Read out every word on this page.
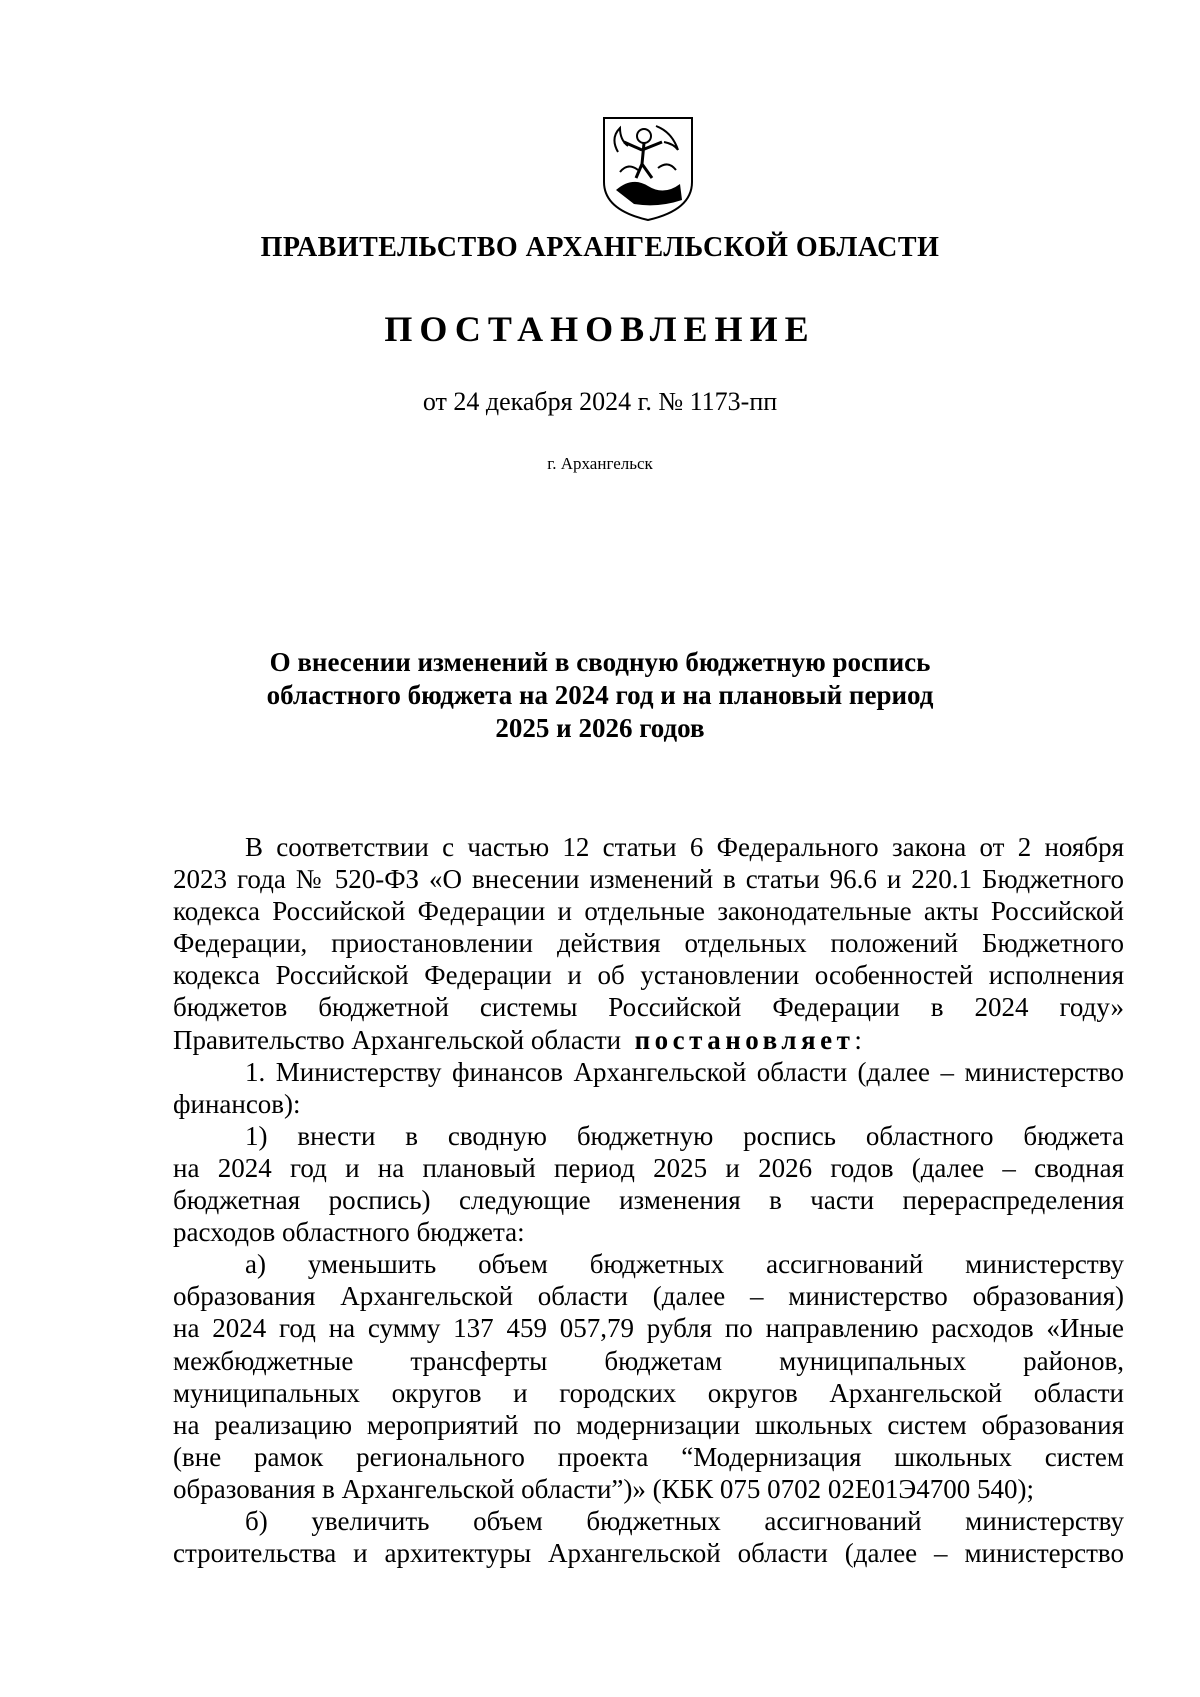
ПРАВИТЕЛЬСТВО АРХАНГЕЛЬСКОЙ ОБЛАСТИ
ПОСТАНОВЛЕНИЕ
от 24 декабря 2024 г. № 1173-пп
г. Архангельск
О внесении изменений в сводную бюджетную роспись
областного бюджета на 2024 год и на плановый период
2025 и 2026 годов
В соответствии с частью 12 статьи 6 Федерального закона от 2 ноября
2023 года № 520-ФЗ «О внесении изменений в статьи 96.6 и 220.1 Бюджетного
кодекса Российской Федерации и отдельные законодательные акты Российской
Федерации, приостановлении действия отдельных положений Бюджетного
кодекса Российской Федерации и об установлении особенностей исполнения
бюджетов бюджетной системы Российской Федерации в 2024 году»
Правительство Архангельской области постановляет:
1. Министерству финансов Архангельской области (далее – министерство
финансов):
1) внести в сводную бюджетную роспись областного бюджета
на 2024 год и на плановый период 2025 и 2026 годов (далее – сводная
бюджетная роспись) следующие изменения в части перераспределения
расходов областного бюджета:
а) уменьшить объем бюджетных ассигнований министерству
образования Архангельской области (далее – министерство образования)
на 2024 год на сумму 137 459 057,79 рубля по направлению расходов «Иные
межбюджетные трансферты бюджетам муниципальных районов,
муниципальных округов и городских округов Архангельской области
на реализацию мероприятий по модернизации школьных систем образования
(вне рамок регионального проекта “Модернизация школьных систем
образования в Архангельской области”)» (КБК 075 0702 02Е01Э4700 540);
б) увеличить объем бюджетных ассигнований министерству
строительства и архитектуры Архангельской области (далее – министерство
